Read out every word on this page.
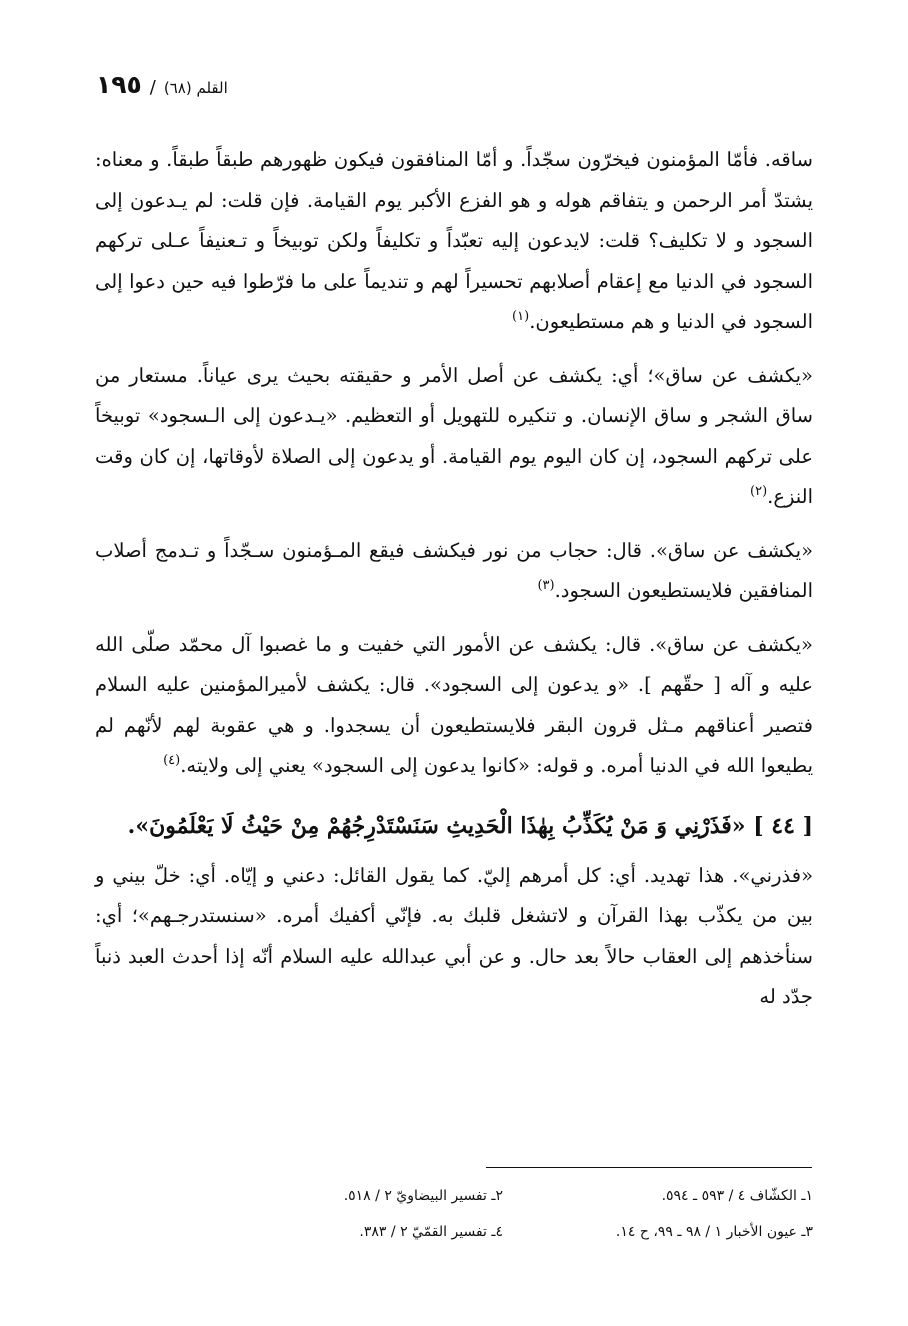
١٩٥ / القلم (٦٨)

ساقه. فأمّا المؤمنون فيخرّون سجّداً. و أمّا المنافقون فيكون ظهورهم طبقاً طبقاً. و معناه: يشتدّ أمر الرحمن و يتفاقم هوله و هو الفزع الأكبر يوم القيامة. فإن قلت: لم يـدعون إلى السجود و لا تكليف؟ قلت: لايدعون إليه تعبّداً و تكليفاً ولكن توبيخاً و تـعنيفاً عـلى تركهم السجود في الدنيا مع إعقام أصلابهم تحسيراً لهم و تنديماً على ما فرّطوا فيه حين دعوا إلى السجود في الدنيا و هم مستطيعون.$^{(١)}$

«يكشف عن ساق»؛ أي: يكشف عن أصل الأمر و حقيقته بحيث يرى عياناً. مستعار من ساق الشجر و ساق الإنسان. و تنكيره للتهويل أو التعظيم. «يـدعون إلى الـسجود» توبيخاً على تركهم السجود، إن كان اليوم يوم القيامة. أو يدعون إلى الصلاة لأوقاتها، إن كان وقت النزع.$^{(٢)}$

«يكشف عن ساق». قال: حجاب من نور فيكشف فيقع المـؤمنون سـجّداً و تـدمج أصلاب المنافقين فلايستطيعون السجود.$^{(٣)}$

«يكشف عن ساق». قال: يكشف عن الأمور التي خفيت و ما غصبوا آل محمّد صلّى الله عليه و آله [ حقّهم ]. «و يدعون إلى السجود». قال: يكشف لأميرالمؤمنين عليه السلام فتصير أعناقهم مـثل قرون البقر فلايستطيعون أن يسجدوا. و هي عقوبة لهم لأنّهم لم يطيعوا الله في الدنيا أمره. و قوله: «كانوا يدعون إلى السجود» يعني إلى ولايته.$^{(٤)}$

[ ٤٤ ] «فَذَرْنِي وَ مَنْ يُكَذِّبُ بِهٰذَا الْحَدِيثِ سَنَسْتَدْرِجُهُمْ مِنْ حَيْثُ لَا يَعْلَمُونَ».

«فذرني». هذا تهديد. أي: كل أمرهم إليّ. كما يقول القائل: دعني و إيّاه. أي: خلّ بيني و بين من يكذّب بهذا القرآن و لاتشغل قلبك به. فإنّي أكفيك أمره. «سنستدرجـهم»؛ أي: سنأخذهم إلى العقاب حالاً بعد حال. و عن أبي عبدالله عليه السلام أنّه إذا أحدث العبد ذنباً جدّد له

١ـ الكشّاف ٤ / ٥٩٣ ـ ٥٩٤.
٢ـ تفسير البيضاويّ ٢ / ٥١٨.
٣ـ عيون الأخبار ١ / ٩٨ ـ ٩٩، ح ١٤.
٤ـ تفسير القمّيّ ٢ / ٣٨٣.
